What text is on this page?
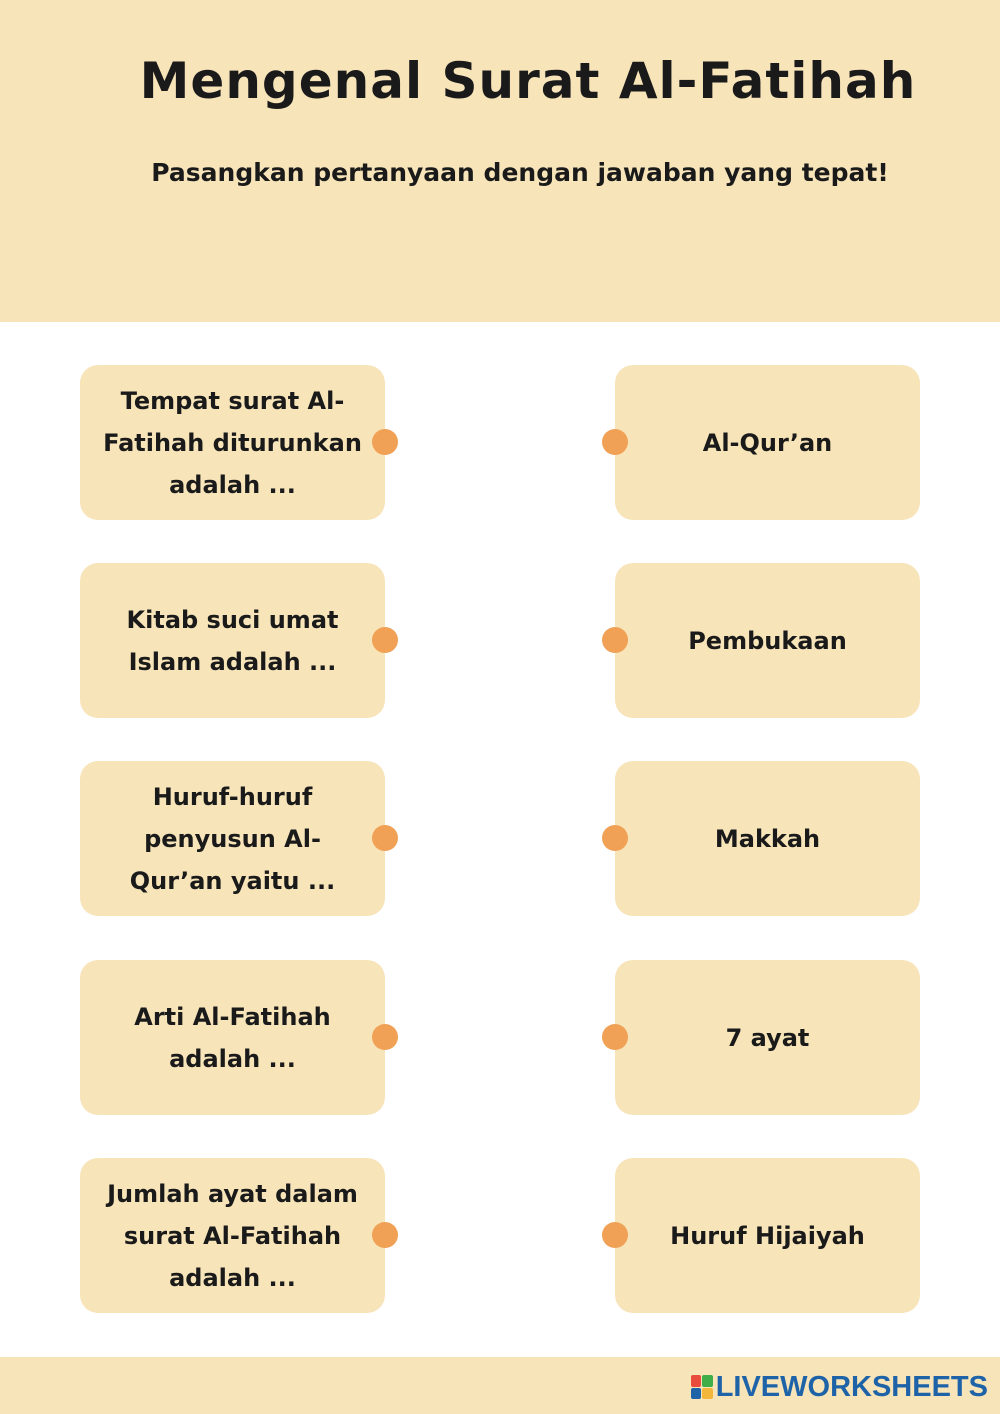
Mengenal Surat Al-Fatihah
Pasangkan pertanyaan dengan jawaban yang tepat!
Tempat surat Al-Fatihah diturunkan adalah ...
Kitab suci umat Islam adalah ...
Huruf-huruf penyusun Al-Qur’an yaitu ...
Arti Al-Fatihah adalah ...
Jumlah ayat dalam surat Al-Fatihah adalah ...
Al-Qur’an
Pembukaan
Makkah
7 ayat
Huruf Hijaiyah
LIVEWORKSHEETS
